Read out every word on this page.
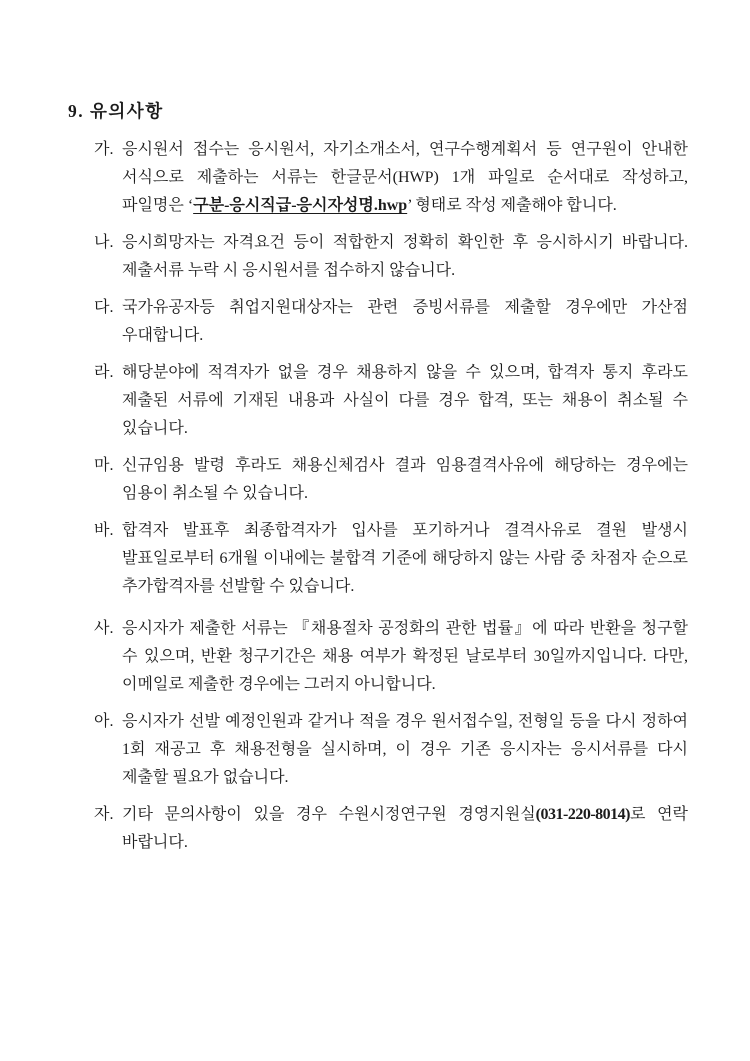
9. 유의사항
가. 응시원서 접수는 응시원서, 자기소개소서, 연구수행계획서 등 연구원이 안내한 서식으로 제출하는 서류는 한글문서(HWP) 1개 파일로 순서대로 작성하고, 파일명은 ‘구분-응시직급-응시자성명.hwp’ 형태로 작성 제출해야 합니다.
나. 응시희망자는 자격요건 등이 적합한지 정확히 확인한 후 응시하시기 바랍니다. 제출서류 누락 시 응시원서를 접수하지 않습니다.
다. 국가유공자등 취업지원대상자는 관련 증빙서류를 제출할 경우에만 가산점 우대합니다.
라. 해당분야에 적격자가 없을 경우 채용하지 않을 수 있으며, 합격자 통지 후라도 제출된 서류에 기재된 내용과 사실이 다를 경우 합격, 또는 채용이 취소될 수 있습니다.
마. 신규임용 발령 후라도 채용신체검사 결과 임용결격사유에 해당하는 경우에는 임용이 취소될 수 있습니다.
바. 합격자 발표후 최종합격자가 입사를 포기하거나 결격사유로 결원 발생시 발표일로부터 6개월 이내에는 불합격 기준에 해당하지 않는 사람 중 차점자 순으로 추가합격자를 선발할 수 있습니다.
사. 응시자가 제출한 서류는 『채용절차 공정화의 관한 법률』에 따라 반환을 청구할 수 있으며, 반환 청구기간은 채용 여부가 확정된 날로부터 30일까지입니다. 다만, 이메일로 제출한 경우에는 그러지 아니합니다.
아. 응시자가 선발 예정인원과 같거나 적을 경우 원서접수일, 전형일 등을 다시 정하여 1회 재공고 후 채용전형을 실시하며, 이 경우 기존 응시자는 응시서류를 다시 제출할 필요가 없습니다.
자. 기타 문의사항이 있을 경우 수원시정연구원 경영지원실(031-220-8014)로 연락 바랍니다.
